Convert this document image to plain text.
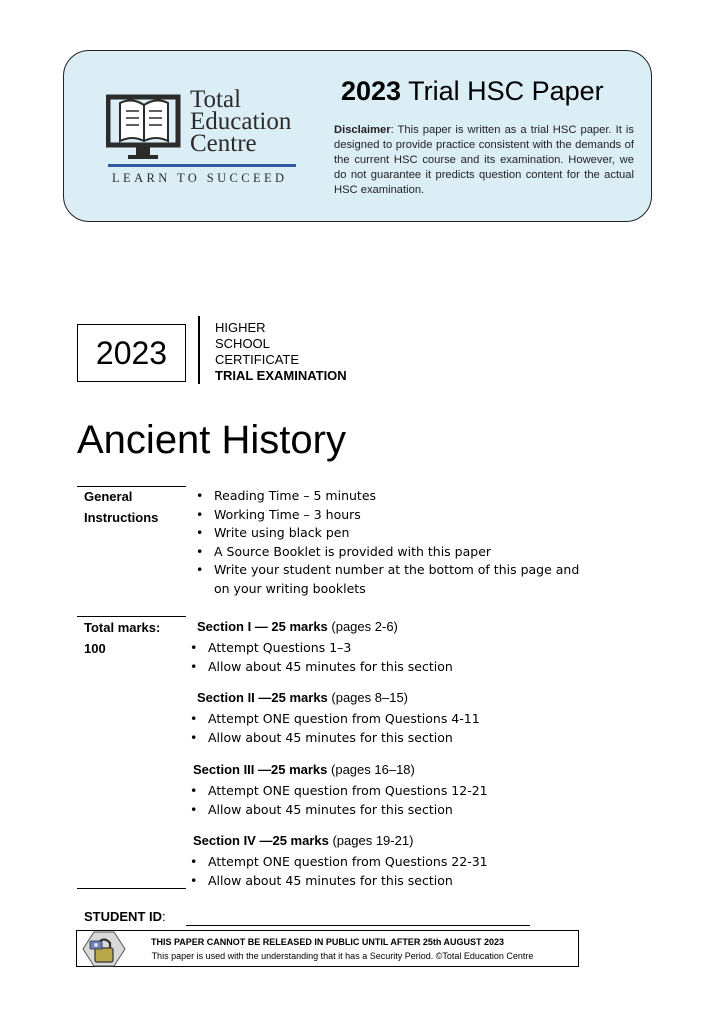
Total
Education
Centre
LEARN TO SUCCEED
2023 Trial HSC Paper
Disclaimer: This paper is written as a trial HSC paper. It is designed to provide practice consistent with the demands of the current HSC course and its examination. However, we do not guarantee it predicts question content for the actual HSC examination.
2023
HIGHER
SCHOOL
CERTIFICATE
TRIAL EXAMINATION
Ancient History
General
Instructions
• Reading Time – 5 minutes
• Working Time – 3 hours
• Write using black pen
• A Source Booklet is provided with this paper
• Write your student number at the bottom of this page and on your writing booklets
Total marks:
100
Section I — 25 marks (pages 2-6)
• Attempt Questions 1–3
• Allow about 45 minutes for this section
Section II —25 marks (pages 8–15)
• Attempt ONE question from Questions 4-11
• Allow about 45 minutes for this section
Section III —25 marks (pages 16–18)
• Attempt ONE question from Questions 12-21
• Allow about 45 minutes for this section
Section IV —25 marks (pages 19-21)
• Attempt ONE question from Questions 22-31
• Allow about 45 minutes for this section
STUDENT ID:
THIS PAPER CANNOT BE RELEASED IN PUBLIC UNTIL AFTER 25th AUGUST 2023
This paper is used with the understanding that it has a Security Period. ©Total Education Centre
